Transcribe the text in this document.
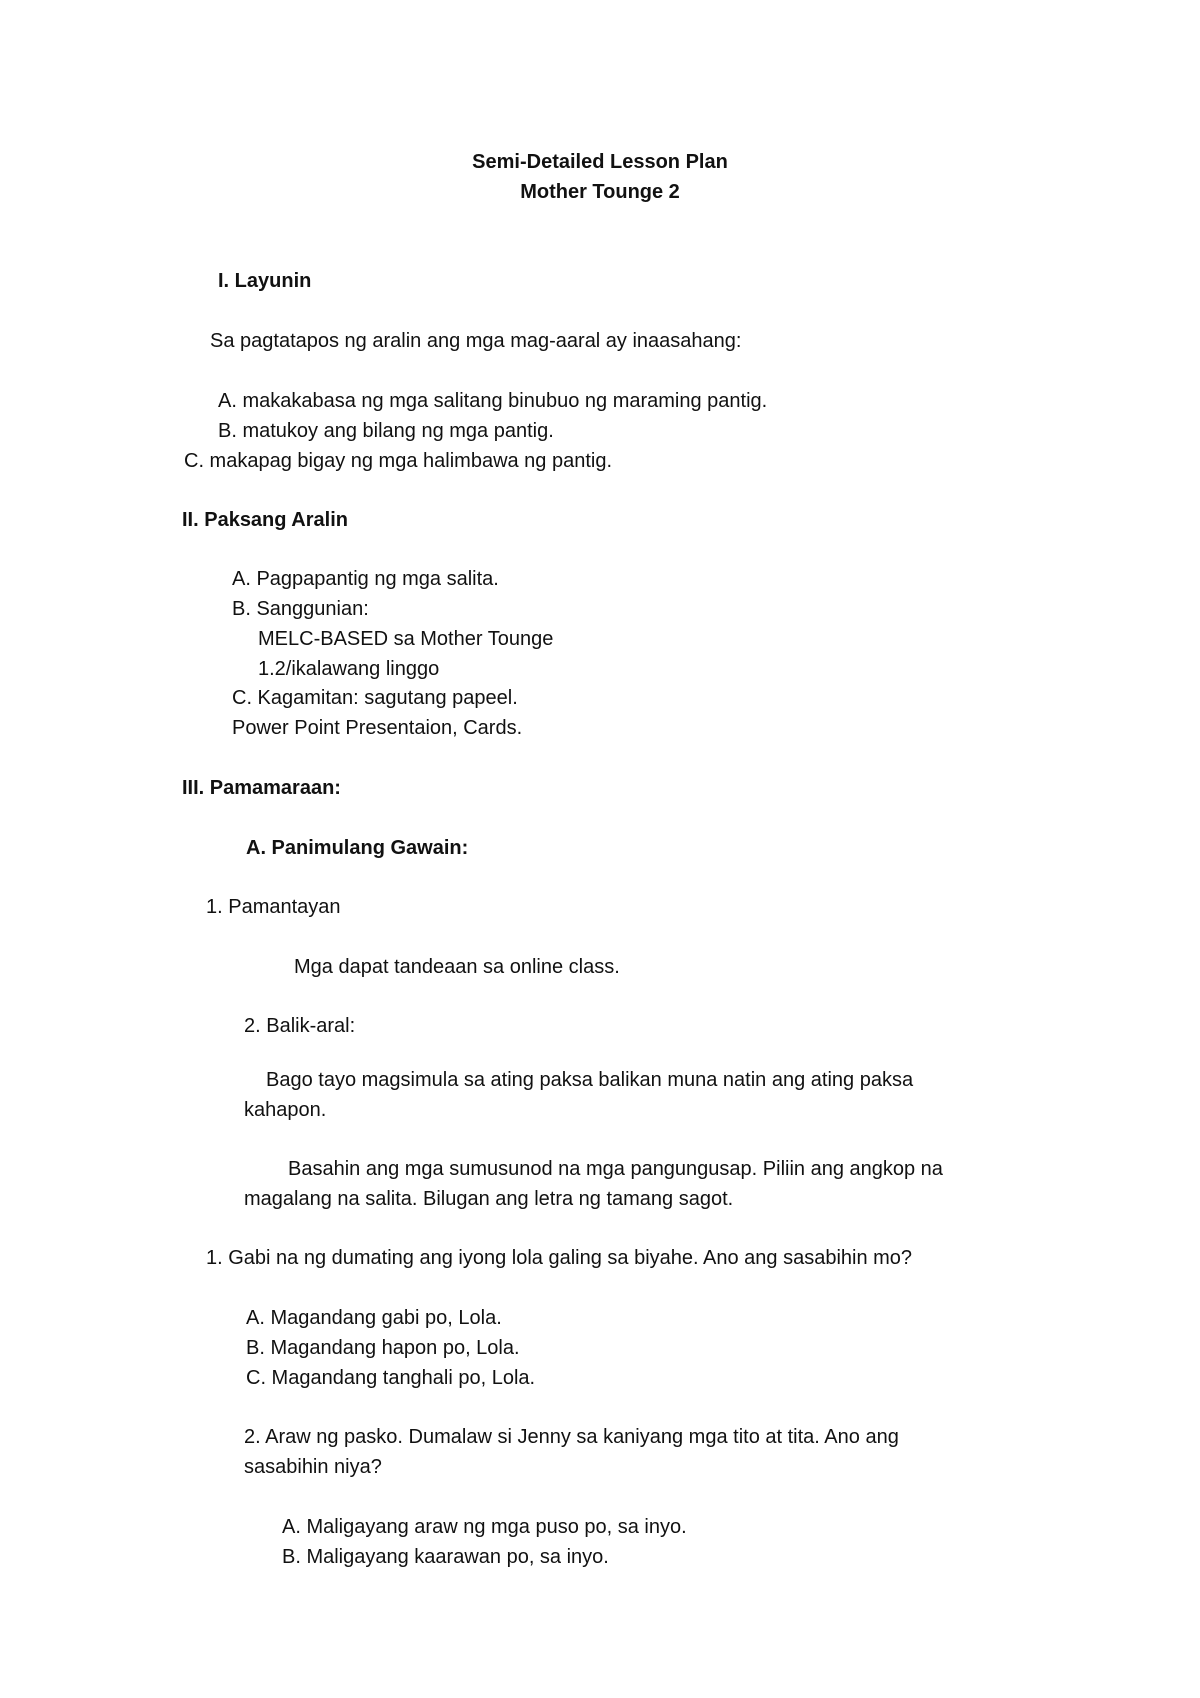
Semi-Detailed Lesson Plan
Mother Tounge 2
I. Layunin
Sa pagtatapos ng aralin ang mga mag-aaral ay inaasahang:
A. makakabasa ng mga salitang binubuo ng maraming pantig.
B. matukoy ang bilang ng mga pantig.
C. makapag bigay ng mga halimbawa ng pantig.
II. Paksang Aralin
A. Pagpapantig ng mga salita.
B. Sanggunian:
MELC-BASED sa Mother Tounge
1.2/ikalawang linggo
C. Kagamitan: sagutang papeel.
Power Point Presentaion, Cards.
III. Pamamaraan:
A. Panimulang Gawain:
1. Pamantayan
Mga dapat tandeaan sa online class.
2. Balik-aral:
Bago tayo magsimula sa ating paksa balikan muna natin ang ating paksa
kahapon.
Basahin ang mga sumusunod na mga pangungusap. Piliin ang angkop na
magalang na salita. Bilugan ang letra ng tamang sagot.
1. Gabi na ng dumating ang iyong lola galing sa biyahe. Ano ang sasabihin mo?
A. Magandang gabi po, Lola.
B. Magandang hapon po, Lola.
C. Magandang tanghali po, Lola.
2. Araw ng pasko. Dumalaw si Jenny sa kaniyang mga tito at tita. Ano ang
sasabihin niya?
A. Maligayang araw ng mga puso po, sa inyo.
B. Maligayang kaarawan po, sa inyo.
